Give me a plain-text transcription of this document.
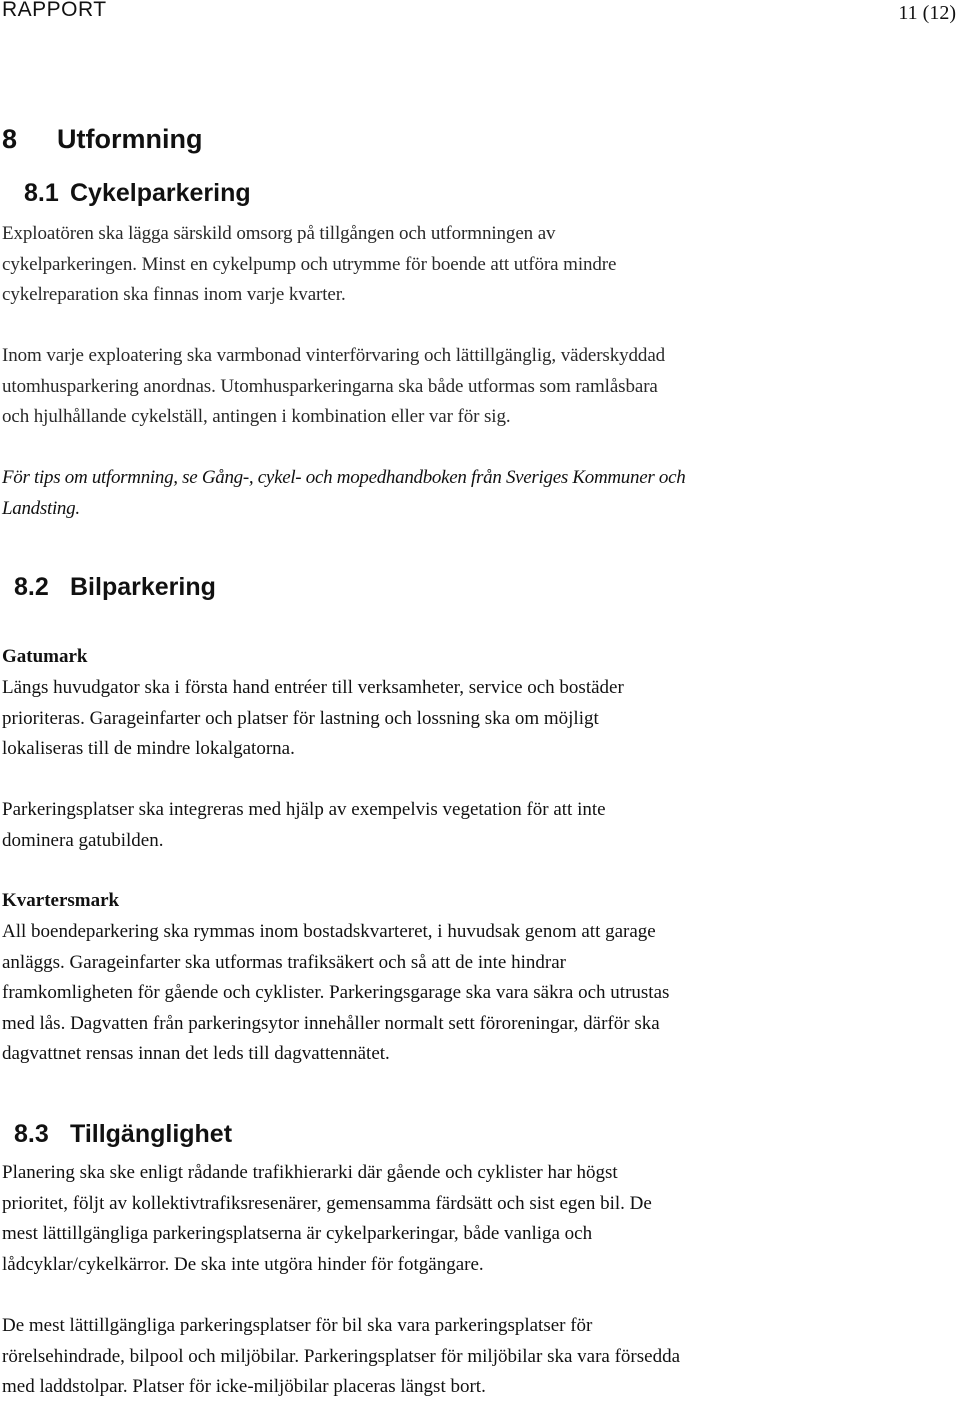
RAPPORT	11 (12)
8 Utformning
8.1 Cykelparkering

Exploatören ska lägga särskild omsorg på tillgången och utformningen av
cykelparkeringen. Minst en cykelpump och utrymme för boende att utföra mindre
cykelreparation ska finnas inom varje kvarter.

Inom varje exploatering ska varmbonad vinterförvaring och lättillgänglig, väderskyddad
utomhusparkering anordnas. Utomhusparkeringarna ska både utformas som ramlåsbara
och hjulhållande cykelställ, antingen i kombination eller var för sig.

För tips om utformning, se Gång-, cykel- och mopedhandboken från Sveriges Kommuner och
Landsting.

8.2 Bilparkering
Gatumark

Längs huvudgator ska i första hand entréer till verksamheter, service och bostäder
prioriteras. Garageinfarter och platser för lastning och lossning ska om möjligt
lokaliseras till de mindre lokalgatorna.

Parkeringsplatser ska integreras med hjälp av exempelvis vegetation för att inte
dominera gatubilden.

Kvartersmark

All boendeparkering ska rymmas inom bostadskvarteret, i huvudsak genom att garage
anläggs. Garageinfarter ska utformas trafiksäkert och så att de inte hindrar
framkomligheten för gående och cyklister. Parkeringsgarage ska vara säkra och utrustas
med lås. Dagvatten från parkeringsytor innehåller normalt sett föroreningar, därför ska
dagvattnet rensas innan det leds till dagvattennätet.

8.3 Tillgänglighet

Planering ska ske enligt rådande trafikhierarki där gående och cyklister har högst
prioritet, följt av kollektivtrafiksresenärer, gemensamma färdsätt och sist egen bil. De
mest lättillgängliga parkeringsplatserna är cykelparkeringar, både vanliga och
lådcyklar/cykelkärror. De ska inte utgöra hinder för fotgängare.

De mest lättillgängliga parkeringsplatser för bil ska vara parkeringsplatser för
rörelsehindrade, bilpool och miljöbilar. Parkeringsplatser för miljöbilar ska vara försedda
med laddstolpar. Platser för icke-miljöbilar placeras längst bort.
